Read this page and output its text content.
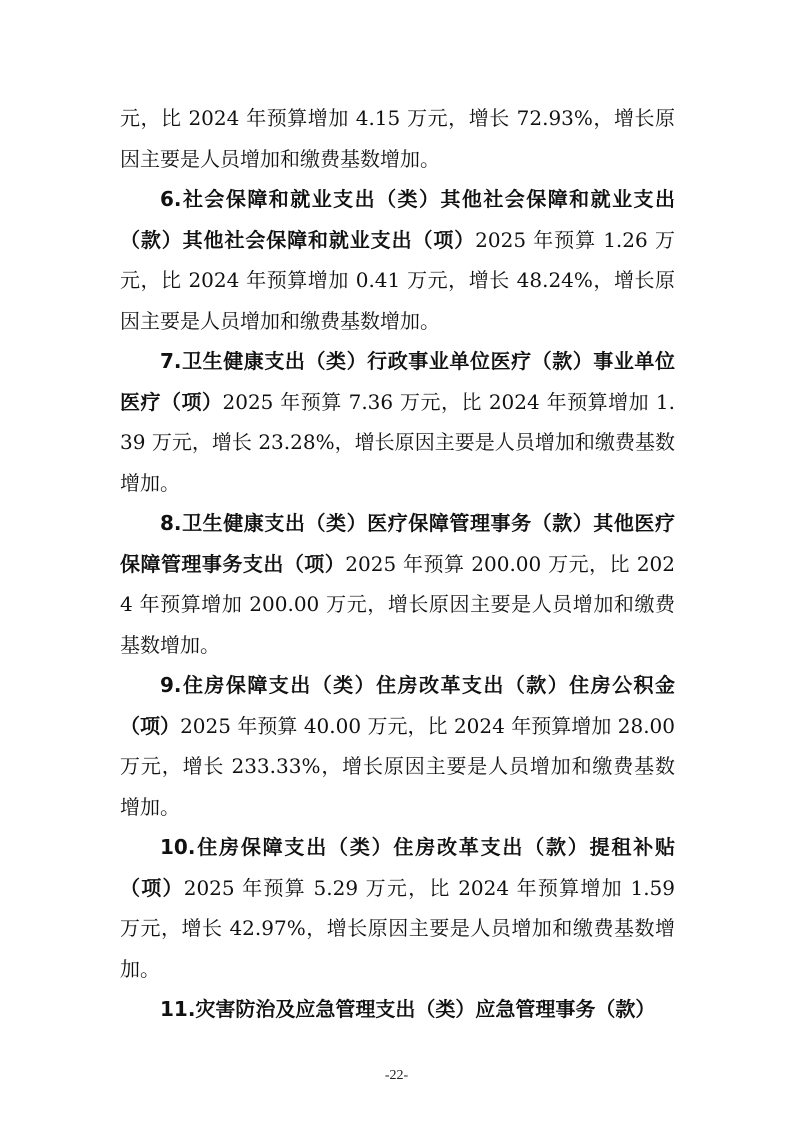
元，比 2024 年预算增加 4.15 万元，增长 72.93%，增长原因主要是人员增加和缴费基数增加。

6.社会保障和就业支出（类）其他社会保障和就业支出（款）其他社会保障和就业支出（项）2025 年预算 1.26 万元，比 2024 年预算增加 0.41 万元，增长 48.24%，增长原因主要是人员增加和缴费基数增加。

7.卫生健康支出（类）行政事业单位医疗（款）事业单位医疗（项）2025 年预算 7.36 万元，比 2024 年预算增加 1.39 万元，增长 23.28%，增长原因主要是人员增加和缴费基数增加。

8.卫生健康支出（类）医疗保障管理事务（款）其他医疗保障管理事务支出（项）2025 年预算 200.00 万元，比 2024 年预算增加 200.00 万元，增长原因主要是人员增加和缴费基数增加。

9.住房保障支出（类）住房改革支出（款）住房公积金（项）2025 年预算 40.00 万元，比 2024 年预算增加 28.00 万元，增长 233.33%，增长原因主要是人员增加和缴费基数增加。

10.住房保障支出（类）住房改革支出（款）提租补贴（项）2025 年预算 5.29 万元，比 2024 年预算增加 1.59 万元，增长 42.97%，增长原因主要是人员增加和缴费基数增加。

11.灾害防治及应急管理支出（类）应急管理事务（款）

-22-
